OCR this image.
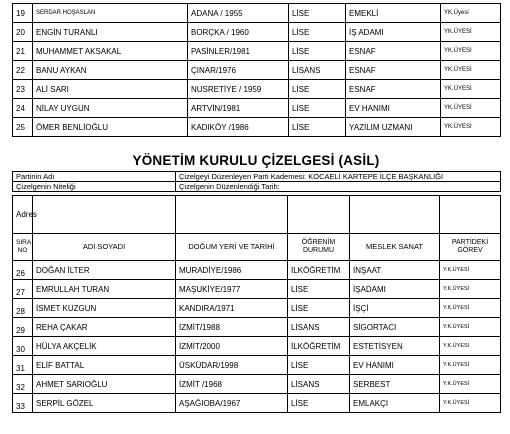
19	SERDAR HOŞASLAN	ADANA / 1955	LİSE	EMEKLİ	YK.Üyesi
20	ENGİN TURANLI	BORÇKA / 1960	LİSE	İŞ ADAMI	YK.ÜYESİ
21	MUHAMMET AKSAKAL	PASİNLER/1981	LİSE	ESNAF	YK.ÜYESİ
22	BANU AYKAN	ÇINAR/1976	LİSANS	ESNAF	YK.ÜYESİ
23	ALİ SARI	NUSRETİYE / 1959	LİSE	ESNAF	YK.ÜYESİ
24	NİLAY UYGUN	ARTVİN/1981	LİSE	EV HANIMI	YK.ÜYESİ
25	ÖMER BENLİOĞLU	KADIKÖY /1986	LİSE	YAZILIM UZMANI	YK.ÜYESİ
YÖNETİM KURULU ÇİZELGESİ (ASİL)
Partinin Adı	Çizelgeyi Düzenleyen Parti Kademesi: KOCAELİ KARTEPE İLÇE BAŞKANLIĞI
Çizelgenin Niteliği	Çizelgenin Düzenlendiği Tarih:
Adres					
SIRA NO	ADI SOYADI	DOĞUM YERİ VE TARİHİ	ÖĞRENİM DURUMU	MESLEK SANAT	PARTİDEKİ GÖREV
26	DOĞAN İLTER	MURADİYE/1986	İLKÖĞRETİM	İNŞAAT	Y.K.ÜYESİ
27	EMRULLAH TURAN	MAŞUKİYE/1977	LİSE	İŞADAMI	Y.K.ÜYESİ
28	İSMET KUZGUN	KANDIRA/1971	LİSE	İŞÇİ	Y.K.ÜYESİ
29	REHA ÇAKAR	İZMİT/1988	LİSANS	SİGORTACI	Y.K.ÜYESİ
30	HÜLYA AKÇELİK	İZMİT/2000	İLKÖĞRETİM	ESTETİSYEN	Y.K.ÜYESİ
31	ELİF BATTAL	ÜSKÜDAR/1998	LİSE	EV HANIMI	Y.K.ÜYESİ
32	AHMET SARIOĞLU	İZMİT /1968	LİSANS	SERBEST	Y.K.ÜYESİ
33	SERPİL GÖZEL	AŞAĞIOBA/1967	LİSE	EMLAKÇI	Y.K.ÜYESİ
